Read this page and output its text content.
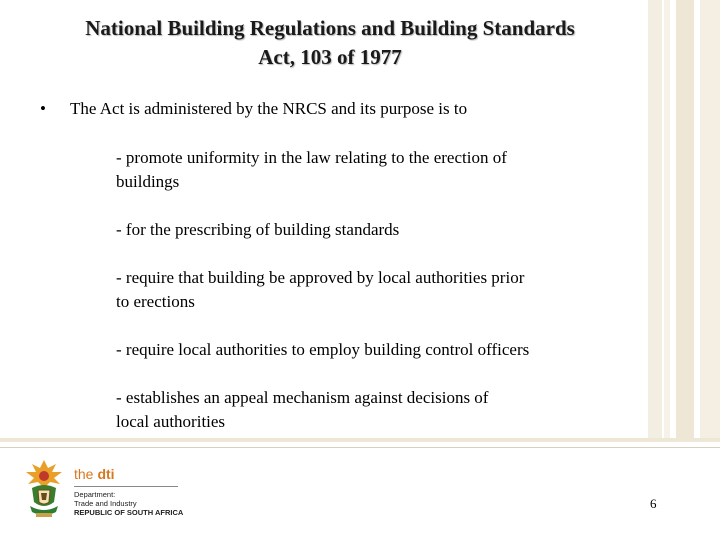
National Building Regulations and Building Standards
Act, 103 of 1977
• The Act is administered by the NRCS and its purpose is to

- promote uniformity in the law relating to the erection of
buildings

- for the prescribing of building standards

- require that building be approved by local authorities prior
to erections

- require local authorities to employ building control officers

- establishes an appeal mechanism against decisions of
local authorities

the dti
Department:
Trade and Industry
REPUBLIC OF SOUTH AFRICA
6
